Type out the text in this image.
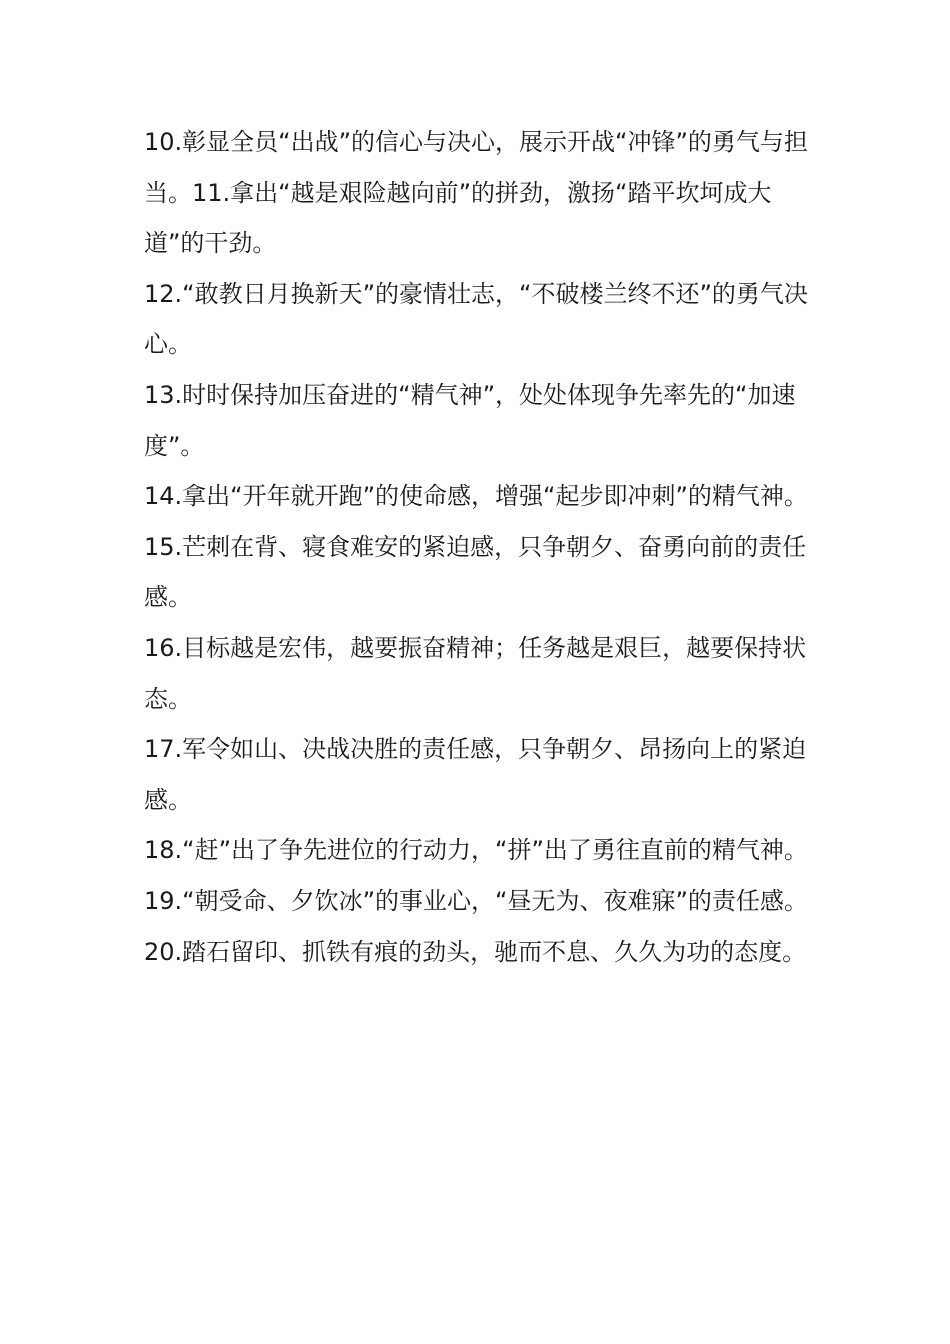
10.彰显全员“出战”的信心与决心，展示开战“冲锋”的勇气与担当。11.拿出“越是艰险越向前”的拼劲，激扬“踏平坎坷成大道”的干劲。

12.“敢教日月换新天”的豪情壮志，“不破楼兰终不还”的勇气决心。

13.时时保持加压奋进的“精气神”，处处体现争先率先的“加速度”。

14.拿出“开年就开跑”的使命感，增强“起步即冲刺”的精气神。

15.芒刺在背、寝食难安的紧迫感，只争朝夕、奋勇向前的责任感。

16.目标越是宏伟，越要振奋精神；任务越是艰巨，越要保持状态。

17.军令如山、决战决胜的责任感，只争朝夕、昂扬向上的紧迫感。

18.“赶”出了争先进位的行动力，“拼”出了勇往直前的精气神。

19.“朝受命、夕饮冰”的事业心，“昼无为、夜难寐”的责任感。

20.踏石留印、抓铁有痕的劲头，驰而不息、久久为功的态度。
